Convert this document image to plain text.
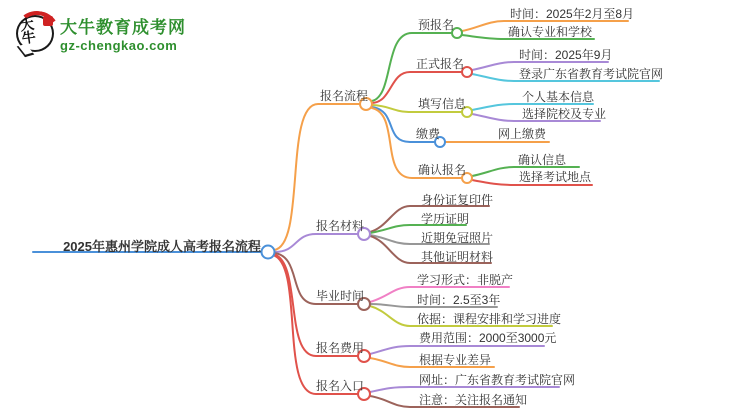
2025年惠州学院成人高考报名流程
报名流程
报名材料
毕业时间
报名费用
报名入口
预报名
正式报名
填写信息
缴费
确认报名
时间：2025年2月至8月
确认专业和学校
时间：2025年9月
登录广东省教育考试院官网
个人基本信息
选择院校及专业
网上缴费
确认信息
选择考试地点
身份证复印件
学历证明
近期免冠照片
其他证明材料
学习形式：非脱产
时间：2.5至3年
依据：课程安排和学习进度
费用范围：2000至3000元
根据专业差异
网址：广东省教育考试院官网
注意：关注报名通知
大牛
大牛教育成考网
gz-chengkao.com
